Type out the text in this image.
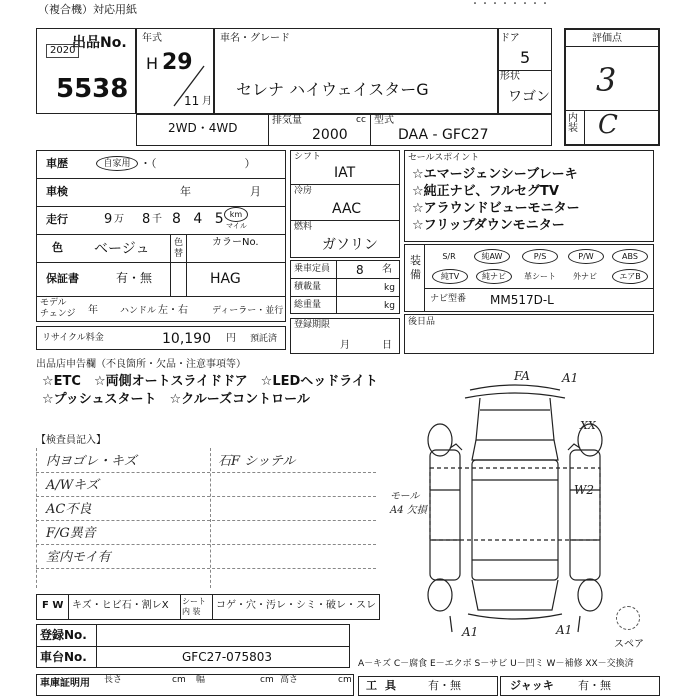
（複合機）対応用紙	・・・・・・・・
出品No.
2020
5538
年式
H 29
11 月
車名・グレード
セレナ ハイウェイスターG
ドア
5
形状
ワゴン
評価点
3
内装 C
2WD・4WD
排気量	cc
2000
型式
DAA - GFC27
車歴	自家用 ・（　　　　　　　　）
車検	年	月
走行	9 万 8 千 8 4 5 km
マイル
色 ベージュ	色替
カラーNo.
HAG
保証書	有・無
モデル
チェンジ 年 ハンドル 左・右	ディーラー・並行
リサイクル料金	10,190 円 預託済
シフト
IAT
冷房
AAC
燃料
ガソリン
乗車定員 8 名
積載量	kg
総重量	kg
登録期限
月	日
セールスポイント
☆エマージェンシーブレーキ
☆純正ナビ、フルセグTV
☆アラウンドビューモニター
☆フリップダウンモニター
装備
S/R	純AW	P/S	P/W	ABS
純TV	純ナビ	革シート	外ナビ	エアB
ナビ型番 MM517D-L
後日品
出品店申告欄（不良箇所・欠品・注意事項等）
☆ETC　☆両側オートスライドドア　☆LEDヘッドライト
☆プッシュスタート　☆クルーズコントロール
【検査員記入】
内ヨゴレ・キズ
A/Wキズ
AC不良
F/G異音
室内モイ有
石F シッテル
FA	A1
XX
W2
モール A4 欠損
A1	A1
スペア
F W キズ・ヒビ石・割レX シート 内 装
コゲ・穴・汚レ・シミ・破レ・スレ
登録No.
車台No.	GFC27-075803	A－キズ C－腐食 E－エクボ S－サビ U－凹ミ W－補修 XX－交換済
車庫証明用 長さ	cm 幅	cm 高さ	cm 工具 有・無	ジャッキ 有・無
